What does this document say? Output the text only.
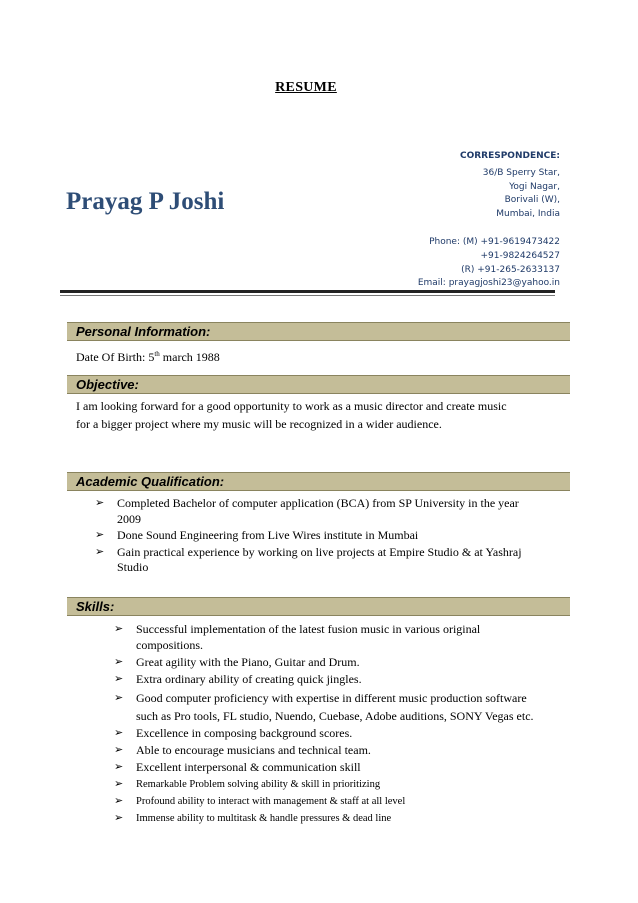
RESUME
Prayag P Joshi
CORRESPONDENCE:
36/B Sperry Star,
Yogi Nagar,
Borivali (W),
Mumbai, India
Phone: (M) +91-9619473422
+91-9824264527
(R) +91-265-2633137
Email: prayagjoshi23@yahoo.in
Personal Information:
Date Of Birth: 5th march 1988
Objective:
I am looking forward for a good opportunity to work as a music director and create music
for a bigger project where my music will be recognized in a wider audience.
Academic Qualification:
➢ Completed Bachelor of computer application (BCA) from SP University in the year
2009
➢ Done Sound Engineering from Live Wires institute in Mumbai
➢ Gain practical experience by working on live projects at Empire Studio & at Yashraj
Studio
Skills:
➢ Successful implementation of the latest fusion music in various original
compositions.
➢ Great agility with the Piano, Guitar and Drum.
➢ Extra ordinary ability of creating quick jingles.
➢ Good computer proficiency with expertise in different music production software
such as Pro tools, FL studio, Nuendo, Cuebase, Adobe auditions, SONY Vegas etc.
➢ Excellence in composing background scores.
➢ Able to encourage musicians and technical team.
➢ Excellent interpersonal & communication skill
➢ Remarkable Problem solving ability & skill in prioritizing
➢ Profound ability to interact with management & staff at all level
➢ Immense ability to multitask & handle pressures & dead line
